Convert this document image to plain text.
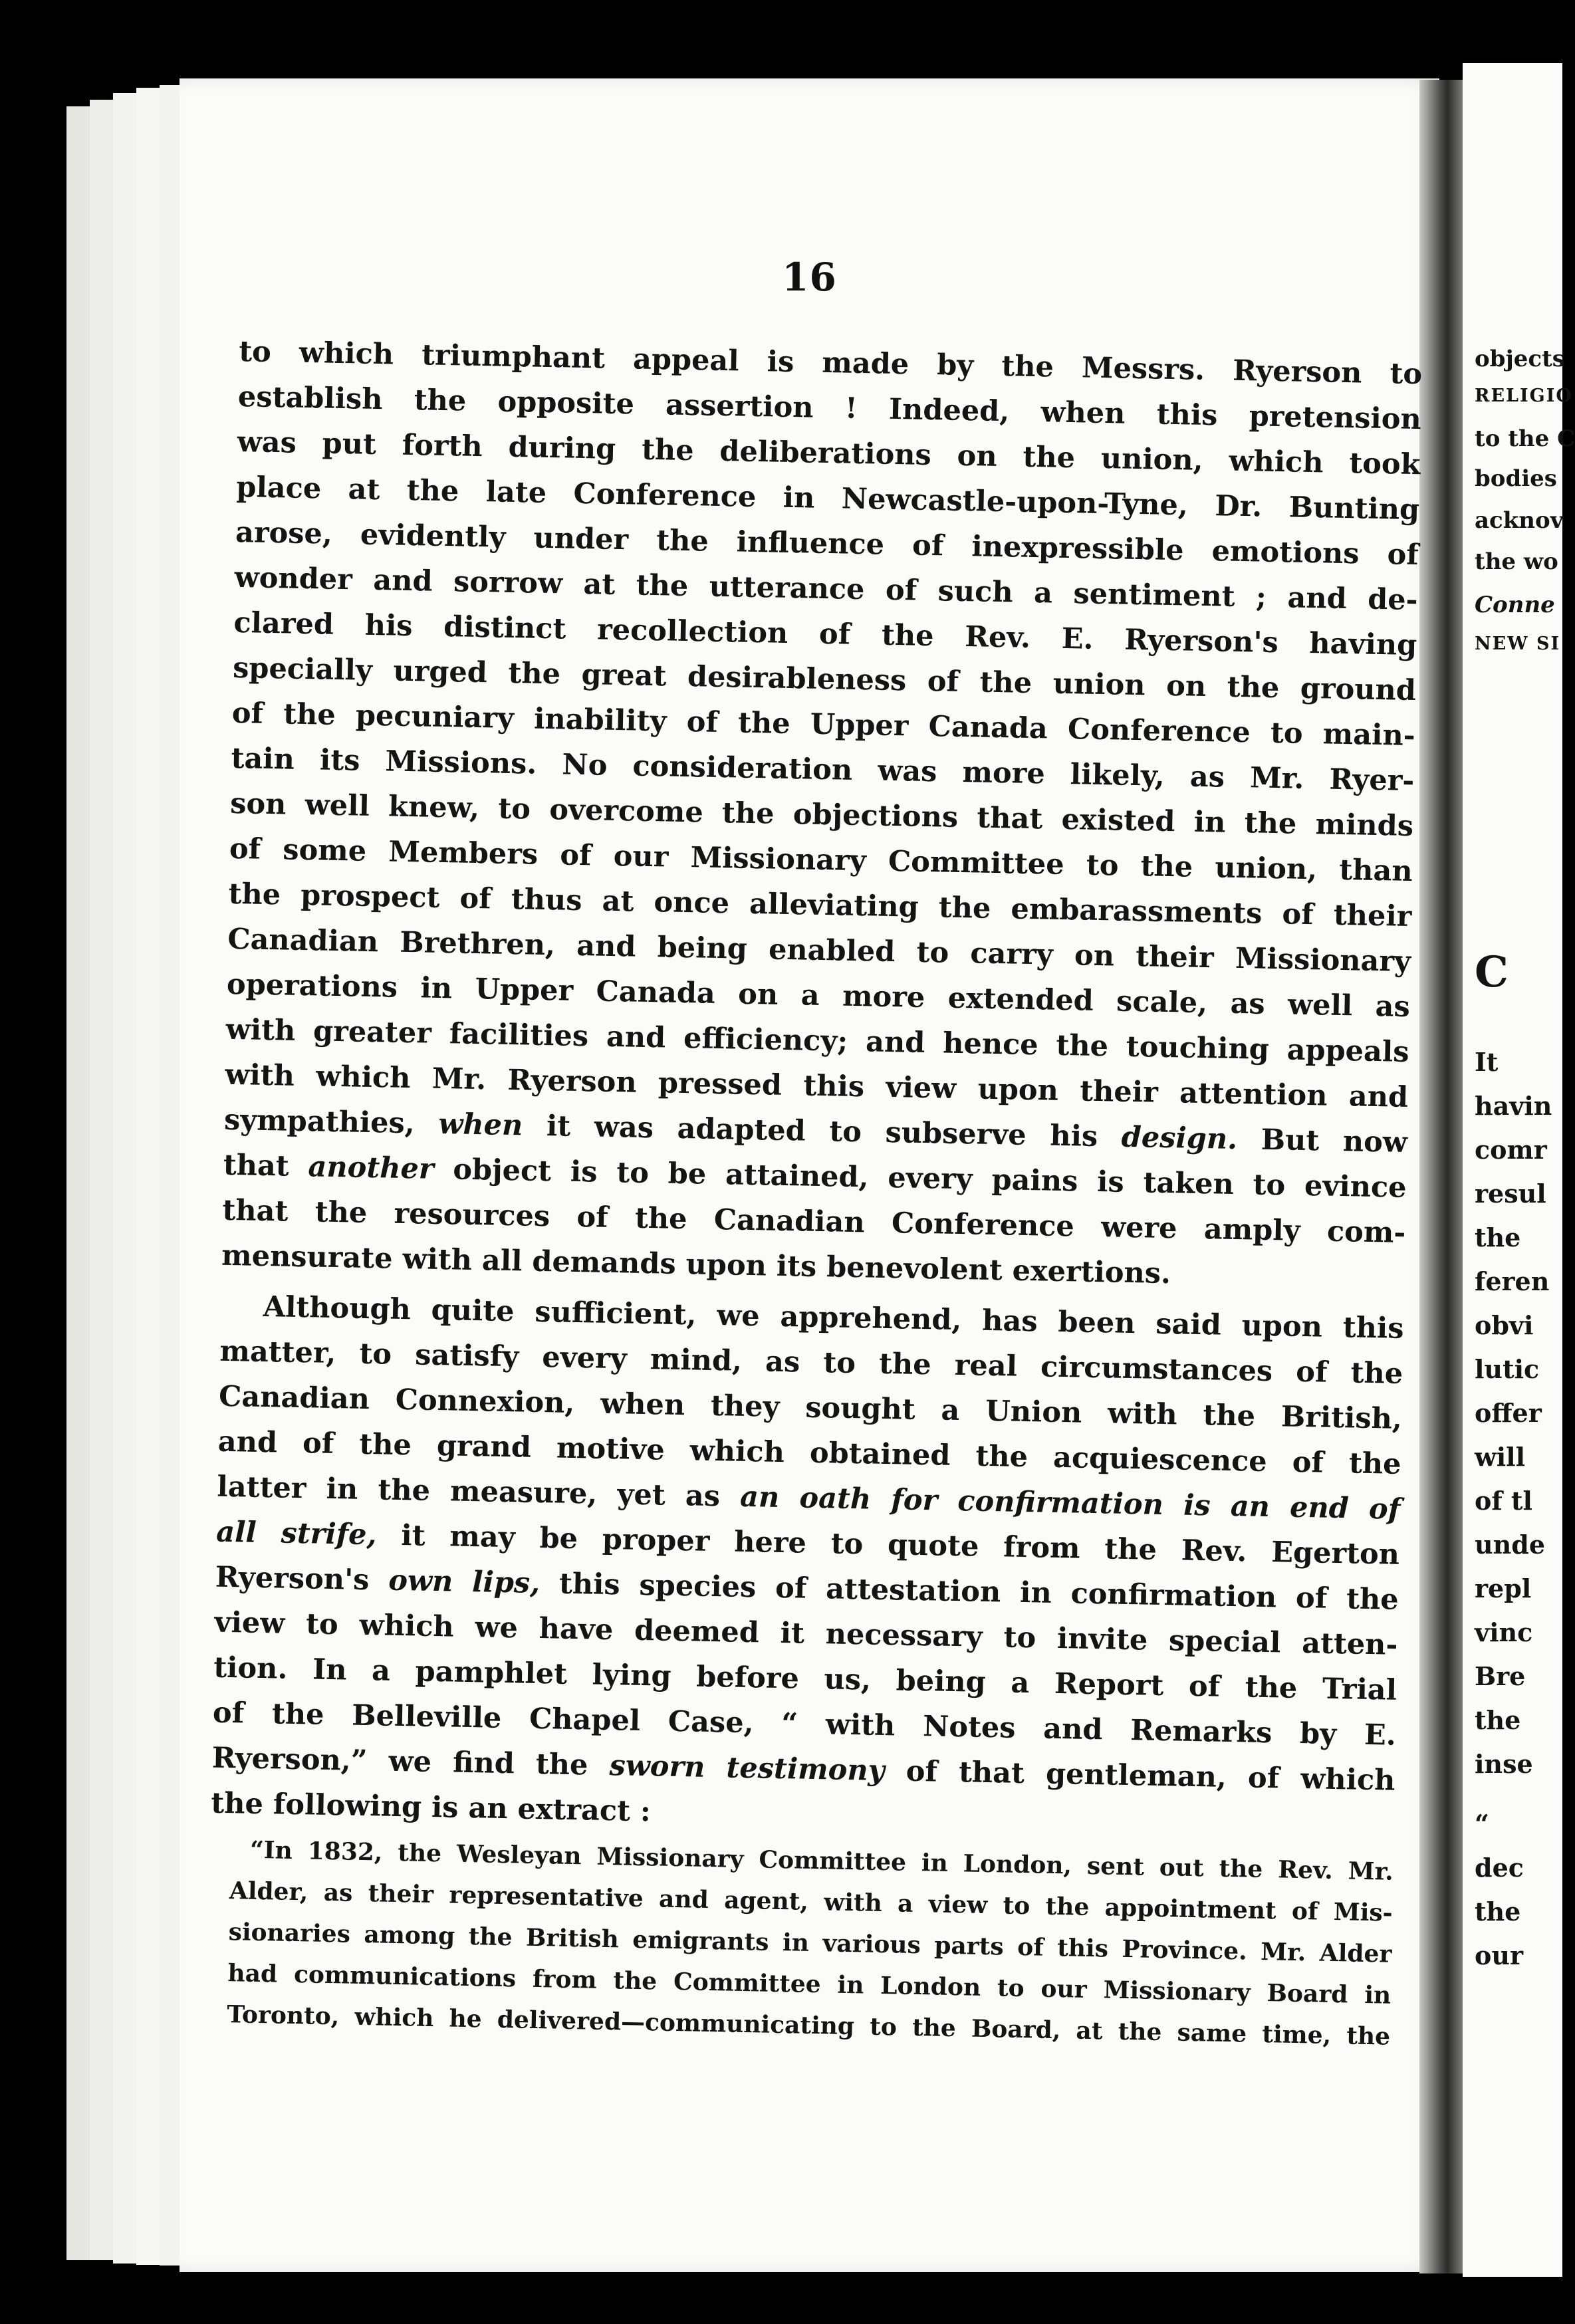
16
to which triumphant appeal is made by the Messrs. Ryerson to
establish the opposite assertion ! Indeed, when this pretension
was put forth during the deliberations on the union, which took
place at the late Conference in Newcastle-upon-Tyne, Dr. Bunting
arose, evidently under the influence of inexpressible emotions of
wonder and sorrow at the utterance of such a sentiment ; and de-
clared his distinct recollection of the Rev. E. Ryerson's having
specially urged the great desirableness of the union on the ground
of the pecuniary inability of the Upper Canada Conference to main-
tain its Missions. No consideration was more likely, as Mr. Ryer-
son well knew, to overcome the objections that existed in the minds
of some Members of our Missionary Committee to the union, than
the prospect of thus at once alleviating the embarassments of their
Canadian Brethren, and being enabled to carry on their Missionary
operations in Upper Canada on a more extended scale, as well as
with greater facilities and efficiency; and hence the touching appeals
with which Mr. Ryerson pressed this view upon their attention and
sympathies, when it was adapted to subserve his design. But now
that another object is to be attained, every pains is taken to evince
that the resources of the Canadian Conference were amply com-
mensurate with all demands upon its benevolent exertions.
Although quite sufficient, we apprehend, has been said upon this
matter, to satisfy every mind, as to the real circumstances of the
Canadian Connexion, when they sought a Union with the British,
and of the grand motive which obtained the acquiescence of the
latter in the measure, yet as an oath for confirmation is an end of
all strife, it may be proper here to quote from the Rev. Egerton
Ryerson's own lips, this species of attestation in confirmation of the
view to which we have deemed it necessary to invite special atten-
tion. In a pamphlet lying before us, being a Report of the Trial
of the Belleville Chapel Case, “ with Notes and Remarks by E.
Ryerson,” we find the sworn testimony of that gentleman, of which
the following is an extract :
“In 1832, the Wesleyan Missionary Committee in London, sent out the Rev. Mr.
Alder, as their representative and agent, with a view to the appointment of Mis-
sionaries among the British emigrants in various parts of this Province. Mr. Alder
had communications from the Committee in London to our Missionary Board in
Toronto, which he delivered—communicating to the Board, at the same time, the
objects
RELIGIO
to the C
bodies
acknov
the wo
Conne
NEW SI
C
It
havin
comr
resul
the
feren
obvi
lutic
offer
will
of tl
unde
repl
vinc
Bre
the
inse
“
dec
the
our
